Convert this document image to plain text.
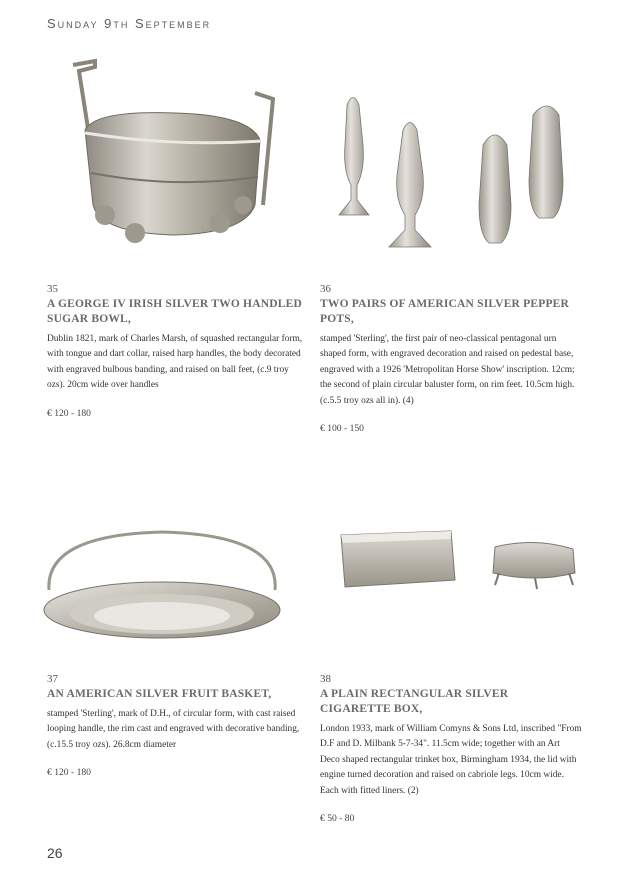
Sunday 9th September
35
A GEORGE IV IRISH SILVER TWO HANDLED SUGAR BOWL,
Dublin 1821, mark of Charles Marsh, of squashed rectangular form, with tongue and dart collar, raised harp handles, the body decorated with engraved bulbous banding, and raised on ball feet, (c.9 troy ozs). 20cm wide over handles
€ 120 - 180
36
TWO PAIRS OF AMERICAN SILVER PEPPER POTS,
stamped 'Sterling', the first pair of neo-classical pentagonal urn shaped form, with engraved decoration and raised on pedestal base, engraved with a 1926 'Metropolitan Horse Show' inscription. 12cm; the second of plain circular baluster form, on rim feet. 10.5cm high. (c.5.5 troy ozs all in). (4)
€ 100 - 150
37
AN AMERICAN SILVER FRUIT BASKET,
stamped 'Sterling', mark of D.H., of circular form, with cast raised looping handle, the rim cast and engraved with decorative banding, (c.15.5 troy ozs). 26.8cm diameter
€ 120 - 180
38
A PLAIN RECTANGULAR SILVER CIGARETTE BOX,
London 1933, mark of William Comyns & Sons Ltd, inscribed "From D.F and D. Milbank 5-7-34". 11.5cm wide; together with an Art Deco shaped rectangular trinket box, Birmingham 1934, the lid with engine turned decoration and raised on cabriole legs. 10cm wide. Each with fitted liners. (2)
€ 50 - 80
26
